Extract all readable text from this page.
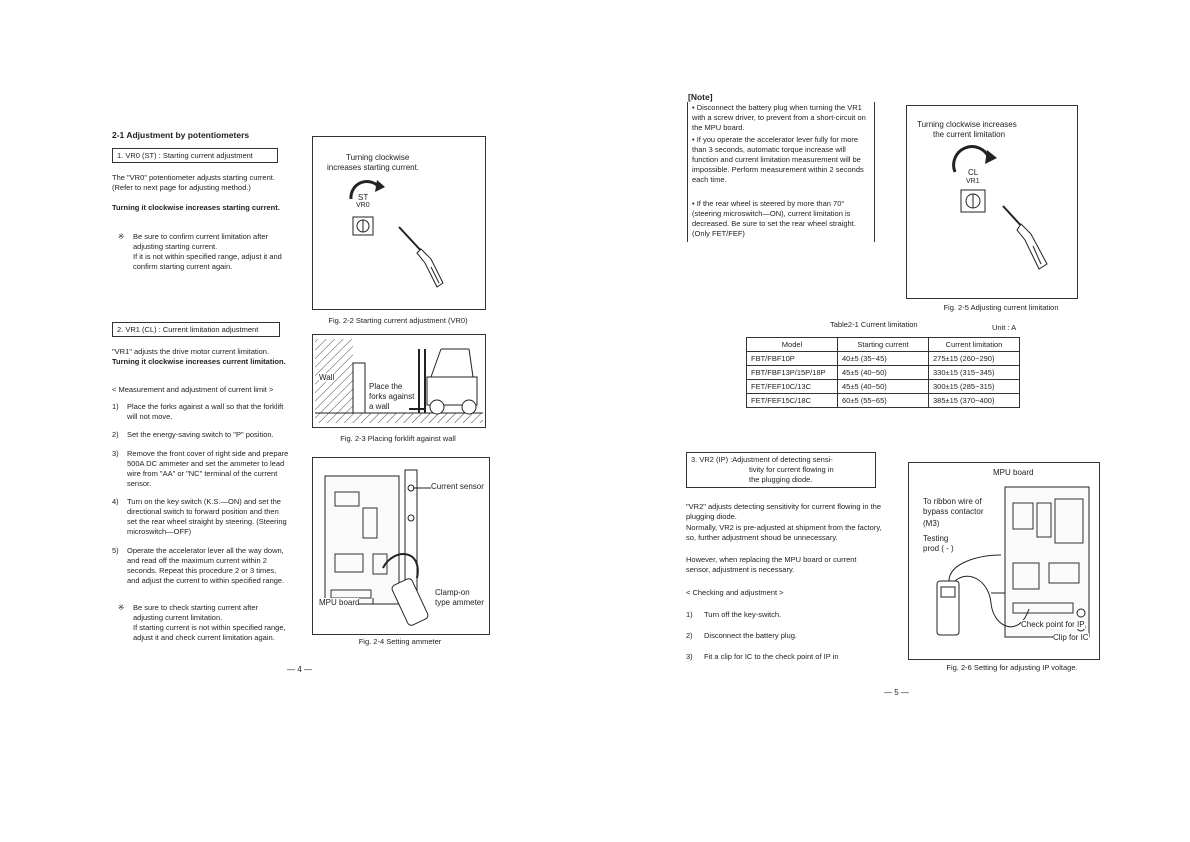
2-1 Adjustment by potentiometers
1. VR0 (ST) : Starting current adjustment
The "VR0" potentiometer adjusts starting current. (Refer to next page for adjusting method.)
Turning it clockwise increases starting current.
※ Be sure to confirm current limitation after adjusting starting current.
If it is not within specified range, adjust it and confirm starting current again.
2. VR1 (CL) : Current limitation adjustment
"VR1" adjusts the drive motor current limitation.
Turning it clockwise increases current limitation.
< Measurement and adjustment of current limit >
1) Place the forks against a wall so that the forklift will not move.
2) Set the energy-saving switch to "P" position.
3) Remove the front cover of right side and prepare 500A DC ammeter and set the ammeter to lead wire from "AA" or "NC" terminal of the current sensor.
4) Turn on the key switch (K.S.—ON) and set the directional switch to forward position and then set the rear wheel straight by steering. (Steering microswitch—OFF)
5) Operate the accelerator lever all the way down, and read off the maximum current within 2 seconds. Repeat this procedure 2 or 3 times, and adjust the current to within specified range.
※ Be sure to check starting current after adjusting current limitation.
If starting current is not within specified range, adjust it and check current limitation again.
Turning clockwise
increases starting current.
ST
VR0
Fig. 2-2 Starting current adjustment (VR0)
Wall
Place the
forks against
a wall
Fig. 2-3 Placing forklift against wall
Current sensor
Clamp-on
type ammeter
MPU board
Fig. 2-4 Setting ammeter
— 4 —
[Note]
• Disconnect the battery plug when turning the VR1 with a screw driver, to prevent from a short-circuit on the MPU board.
• If you operate the accelerator lever fully for more than 3 seconds, automatic torque increase will function and current limitation measurement will be impossible. Perform measurement within 2 seconds each time.
• If the rear wheel is steered by more than 70° (steering microswitch—ON), current limitation is decreased. Be sure to set the rear wheel straight. (Only FET/FEF)
Turning clockwise increases
the current limitation
CL
VR1
Fig. 2-5 Adjusting current limitation
Table2-1 Current limitation	Unit : A
Model	Starting current	Current limitation
FBT/FBF10P	40±5 (35~45)	275±15 (260~290)
FBT/FBF13P/15P/18P	45±5 (40~50)	330±15 (315~345)
FET/FEF10C/13C	45±5 (40~50)	300±15 (285~315)
FET/FEF15C/18C	60±5 (55~65)	385±15 (370~400)
3. VR2 (IP) :Adjustment of detecting sensi-
tivity for current flowing in
the plugging diode.
"VR2" adjusts detecting sensitivity for current flowing in the plugging diode.
Normally, VR2 is pre-adjusted at shipment from the factory, so, further adjustment shoud be unnecessary.
However, when replacing the MPU board or current sensor, adjustment is necessary.
< Checking and adjustment >
1) Turn off the key-switch.
2) Disconnect the battery plug.
3) Fit a clip for IC to the check point of IP in
MPU board
To ribbon wire of
bypass contactor
(M3)
Testing
prod ( - )
Check point for IP
Clip for IC
Fig. 2-6 Setting for adjusting IP voltage.
— 5 —
